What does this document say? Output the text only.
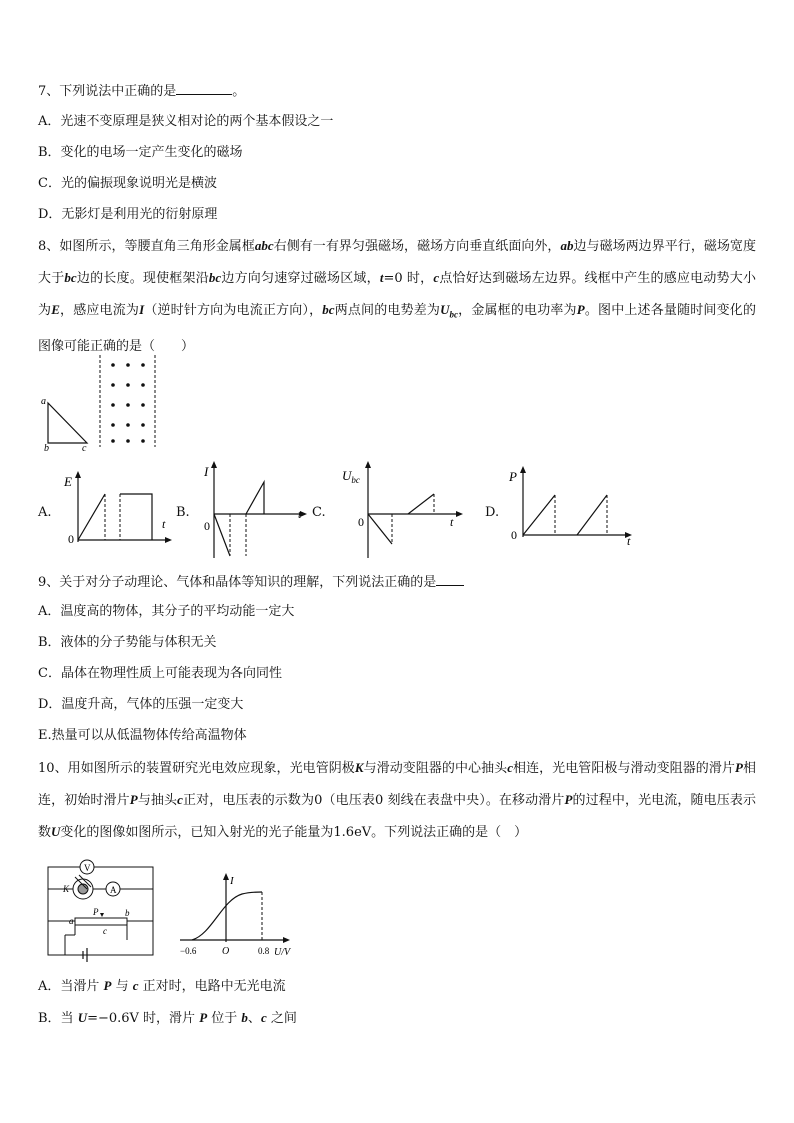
7、下列说法中正确的是	。
A．光速不变原理是狭义相对论的两个基本假设之一
B．变化的电场一定产生变化的磁场
C．光的偏振现象说明光是横波
D．无影灯是利用光的衍射原理
8、如图所示，等腰直角三角形金属框abc右侧有一有界匀强磁场，磁场方向垂直纸面向外，ab边与磁场两边界平行，磁场宽度大于bc边的长度。现使框架沿bc边方向匀速穿过磁场区域，t=0 时，c点恰好达到磁场左边界。线框中产生的感应电动势大小为E，感应电流为I（逆时针方向为电流正方向），bc两点间的电势差为$U_{bc}$，金属框的电功率为P。图中上述各量随时间变化的图像可能正确的是（　　）
a
b	c
A.
E
t
0
B.
I
t
0
C.
$U_{bc}$
t
0
D.
P
t
0
9、关于对分子动理论、气体和晶体等知识的理解，下列说法正确的是
A．温度高的物体，其分子的平均动能一定大
B．液体的分子势能与体积无关
C．晶体在物理性质上可能表现为各向同性
D．温度升高，气体的压强一定变大
E.热量可以从低温物体传给高温物体
10、用如图所示的装置研究光电效应现象，光电管阴极K与滑动变阻器的中心抽头c相连，光电管阳极与滑动变阻器的滑片P相连，初始时滑片P与抽头c正对，电压表的示数为0（电压表0 刻线在表盘中央）。在移动滑片P的过程中，光电流，随电压表示数U变化的图像如图所示，已知入射光的光子能量为1.6eV。下列说法正确的是（　）
V
K	A
a
P	b
c
I
U/V
−0.6	O	0.8
A．当滑片 P 与 c 正对时，电路中无光电流
B．当 U=−0.6V 时，滑片 P 位于 b、c 之间
